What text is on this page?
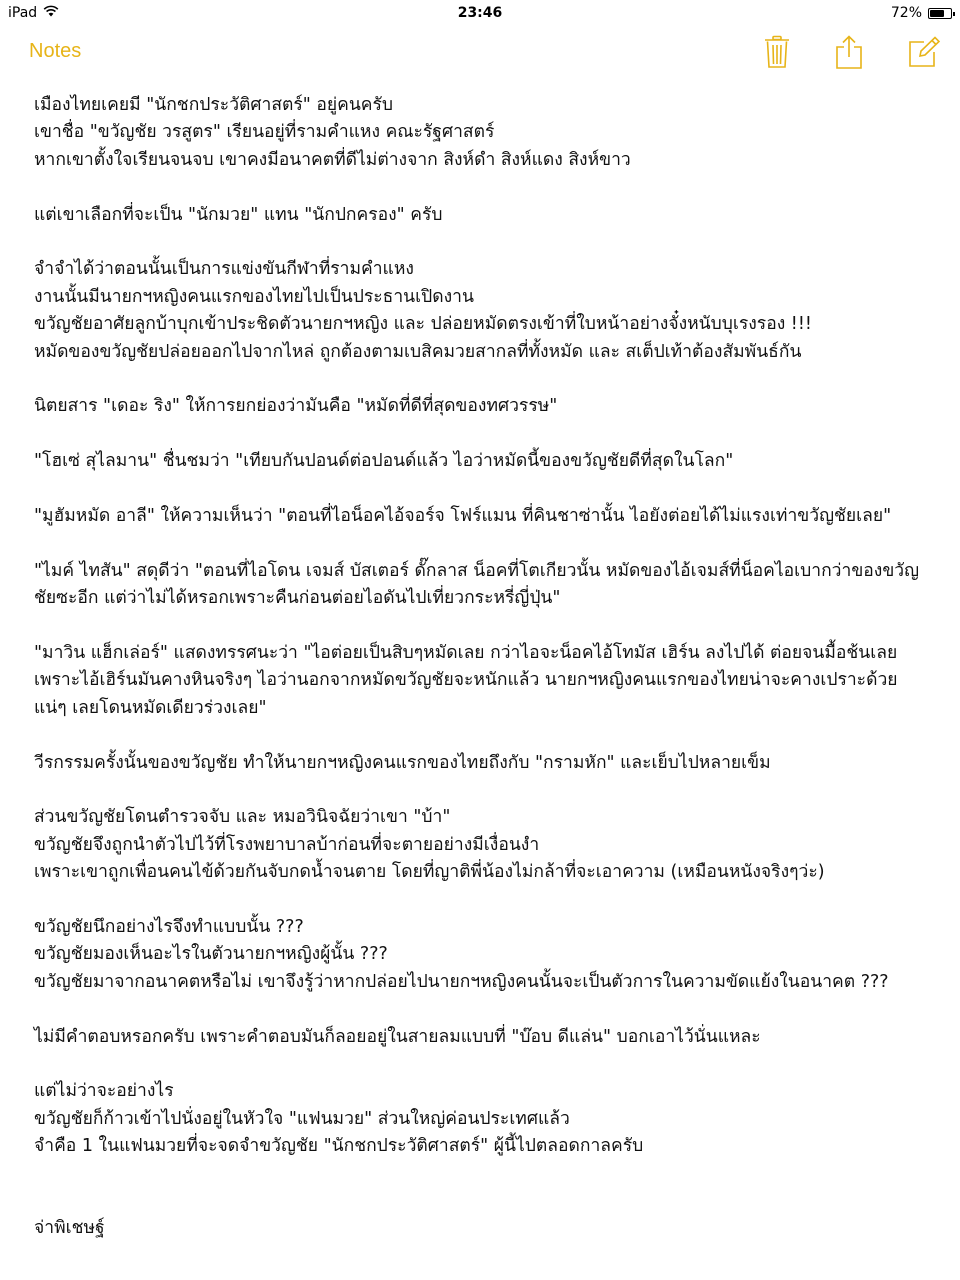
iPad	23:46	72%
Notes

เมืองไทยเคยมี "นักชกประวัติศาสตร์" อยู่คนครับ

เขาชื่อ "ขวัญชัย วรสูตร" เรียนอยู่ที่รามคำแหง คณะรัฐศาสตร์

หากเขาตั้งใจเรียนจนจบ เขาคงมีอนาคตที่ดีไม่ต่างจาก สิงห์ดำ สิงห์แดง สิงห์ขาว

แต่เขาเลือกที่จะเป็น "นักมวย" แทน "นักปกครอง" ครับ

จำจำได้ว่าตอนนั้นเป็นการแข่งขันกีฬาที่รามคำแหง

งานนั้นมีนายกฯหญิงคนแรกของไทยไปเป็นประธานเปิดงาน

ขวัญชัยอาศัยลูกบ้าบุกเข้าประชิดตัวนายกฯหญิง และ ปล่อยหมัดตรงเข้าที่ใบหน้าอย่างจั๋งหนับบุเรงรอง !!!

หมัดของขวัญชัยปล่อยออกไปจากไหล่ ถูกต้องตามเบสิคมวยสากลที่ทั้งหมัด และ สเต็ปเท้าต้องสัมพันธ์กัน

นิตยสาร "เดอะ ริง" ให้การยกย่องว่ามันคือ "หมัดที่ดีที่สุดของทศวรรษ"

"โฮเซ่ สุไลมาน" ชื่นชมว่า "เทียบกันปอนด์ต่อปอนด์แล้ว ไอว่าหมัดนี้ของขวัญชัยดีที่สุดในโลก"

"มูฮัมหมัด อาลี" ให้ความเห็นว่า "ตอนที่ไอน็อคไอ้จอร์จ โฟร์แมน ที่คินชาซ่านั้น ไอยังต่อยได้ไม่แรงเท่าขวัญชัยเลย"

"ไมค์ ไทสัน" สดุดีว่า "ตอนที่ไอโดน เจมส์ บัสเตอร์ ดั๊กลาส น็อคที่โตเกียวนั้น หมัดของไอ้เจมส์ที่น็อคไอเบากว่าของขวัญชัยซะอีก แต่ว่าไม่ได้หรอกเพราะคืนก่อนต่อยไอดันไปเที่ยวกระหรี่ญี่ปุ่น"

"มาวิน แฮ็กเล่อร์" แสดงทรรศนะว่า "ไอต่อยเป็นสิบๆหมัดเลย กว่าไอจะน็อคไอ้โทมัส เฮิร์น ลงไปได้ ต่อยจนมื้อช้นเลย เพราะไอ้เฮิร์นมันคางหินจริงๆ ไอว่านอกจากหมัดขวัญชัยจะหนักแล้ว นายกฯหญิงคนแรกของไทยน่าจะคางเปราะด้วยแน่ๆ เลยโดนหมัดเดียวร่วงเลย"

วีรกรรมครั้งนั้นของขวัญชัย ทำให้นายกฯหญิงคนแรกของไทยถึงกับ "กรามหัก" และเย็บไปหลายเข็ม

ส่วนขวัญชัยโดนตำรวจจับ และ หมอวินิจฉัยว่าเขา "บ้า"

ขวัญชัยจึงถูกนำตัวไปไว้ที่โรงพยาบาลบ้าก่อนที่จะตายอย่างมีเงื่อนงำ

เพราะเขาถูกเพื่อนคนไข้ด้วยกันจับกดน้ำจนตาย โดยที่ญาติพี่น้องไม่กล้าที่จะเอาความ (เหมือนหนังจริงๆว่ะ)

ขวัญชัยนึกอย่างไรจึงทำแบบนั้น ???

ขวัญชัยมองเห็นอะไรในตัวนายกฯหญิงผู้นั้น ???

ขวัญชัยมาจากอนาคตหรือไม่ เขาจึงรู้ว่าหากปล่อยไปนายกฯหญิงคนนั้นจะเป็นตัวการในความขัดแย้งในอนาคต ???

ไม่มีคำตอบหรอกครับ เพราะคำตอบมันก็ลอยอยู่ในสายลมแบบที่ "บ๊อบ ดีแล่น" บอกเอาไว้นั่นแหละ

แต่ไม่ว่าจะอย่างไร

ขวัญชัยก็ก้าวเข้าไปนั่งอยู่ในหัวใจ "แฟนมวย" ส่วนใหญ่ค่อนประเทศแล้ว

จำคือ 1 ในแฟนมวยที่จะจดจำขวัญชัย "นักชกประวัติศาสตร์" ผู้นี้ไปตลอดกาลครับ

จ่าพิเชษฐ์
